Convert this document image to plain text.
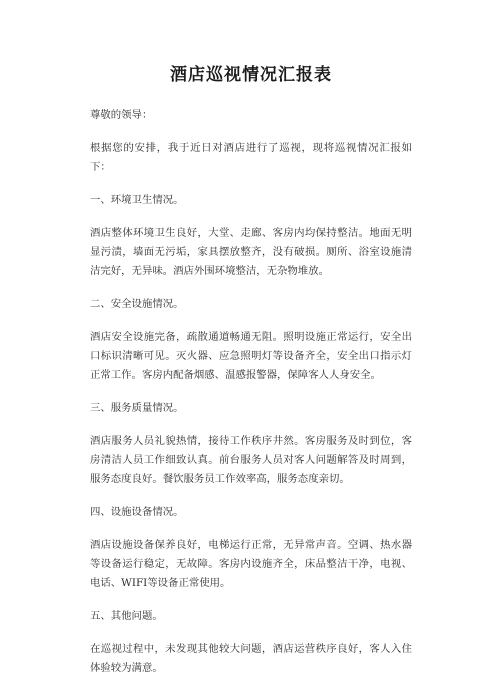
酒店巡视情况汇报表

尊敬的领导：

根据您的安排，我于近日对酒店进行了巡视，现将巡视情况汇报如下：

一、环境卫生情况。

酒店整体环境卫生良好，大堂、走廊、客房内均保持整洁。地面无明显污渍，墙面无污垢，家具摆放整齐，没有破损。厕所、浴室设施清洁完好，无异味。酒店外围环境整洁，无杂物堆放。

二、安全设施情况。

酒店安全设施完备，疏散通道畅通无阻。照明设施正常运行，安全出口标识清晰可见。灭火器、应急照明灯等设备齐全，安全出口指示灯正常工作。客房内配备烟感、温感报警器，保障客人人身安全。

三、服务质量情况。

酒店服务人员礼貌热情，接待工作秩序井然。客房服务及时到位，客房清洁人员工作细致认真。前台服务人员对客人问题解答及时周到，服务态度良好。餐饮服务员工作效率高，服务态度亲切。

四、设施设备情况。

酒店设施设备保养良好，电梯运行正常，无异常声音。空调、热水器等设备运行稳定，无故障。客房内设施齐全，床品整洁干净，电视、电话、WIFI等设备正常使用。

五、其他问题。

在巡视过程中，未发现其他较大问题，酒店运营秩序良好，客人入住体验较为满意。
